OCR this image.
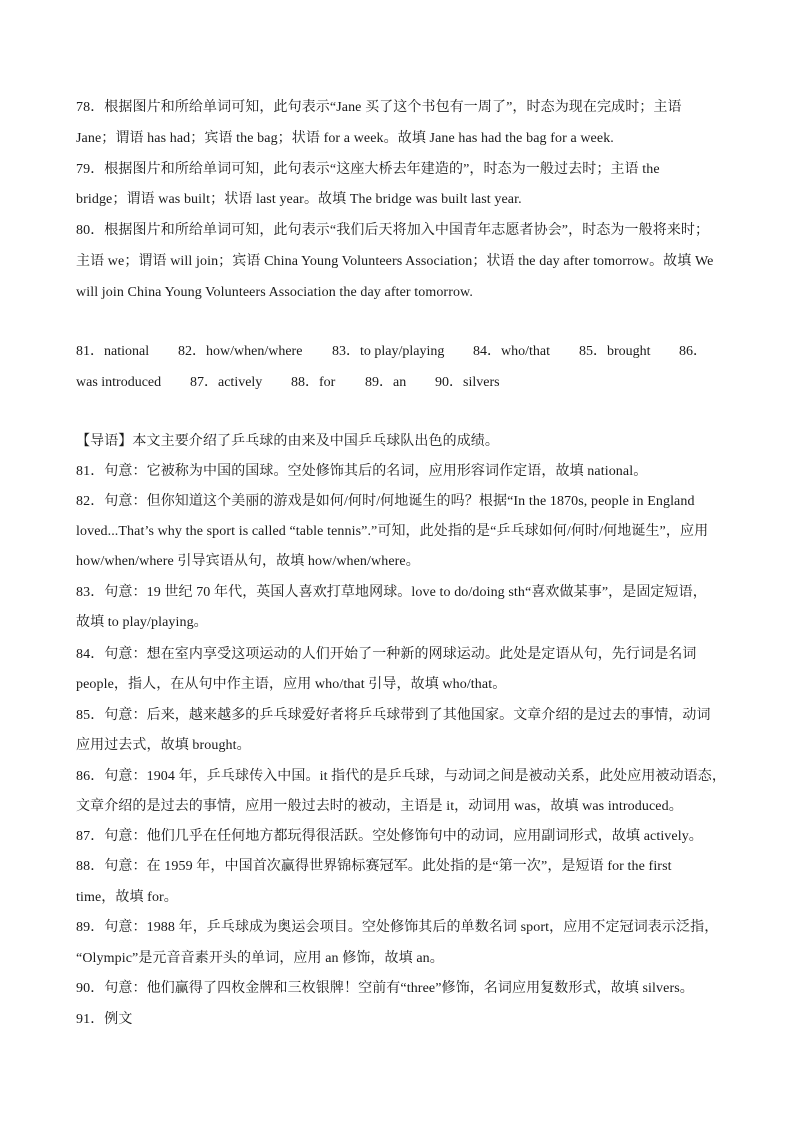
78．根据图片和所给单词可知，此句表示“Jane 买了这个书包有一周了”，时态为现在完成时；主语
Jane；谓语 has had；宾语 the bag；状语 for a week。故填 Jane has had the bag for a week.
79．根据图片和所给单词可知，此句表示“这座大桥去年建造的”，时态为一般过去时；主语 the
bridge；谓语 was built；状语 last year。故填 The bridge was built last year.
80．根据图片和所给单词可知，此句表示“我们后天将加入中国青年志愿者协会”，时态为一般将来时；
主语 we；谓语 will join；宾语 China Young Volunteers Association；状语 the day after tomorrow。故填 We
will join China Young Volunteers Association the day after tomorrow.
81．national 82．how/when/where 83．to play/playing 84．who/that 85．brought 86．
was introduced 87．actively 88．for 89．an 90．silvers
【导语】本文主要介绍了乒乓球的由来及中国乒乓球队出色的成绩。
81．句意：它被称为中国的国球。空处修饰其后的名词，应用形容词作定语，故填 national。
82．句意：但你知道这个美丽的游戏是如何/何时/何地诞生的吗？根据“In the 1870s, people in England
loved...That’s why the sport is called “table tennis”.”可知，此处指的是“乒乓球如何/何时/何地诞生”，应用
how/when/where 引导宾语从句，故填 how/when/where。
83．句意：19 世纪 70 年代，英国人喜欢打草地网球。love to do/doing sth“喜欢做某事”，是固定短语，
故填 to play/playing。
84．句意：想在室内享受这项运动的人们开始了一种新的网球运动。此处是定语从句，先行词是名词
people，指人，在从句中作主语，应用 who/that 引导，故填 who/that。
85．句意：后来，越来越多的乒乓球爱好者将乒乓球带到了其他国家。文章介绍的是过去的事情，动词
应用过去式，故填 brought。
86．句意：1904 年，乒乓球传入中国。it 指代的是乒乓球，与动词之间是被动关系，此处应用被动语态，
文章介绍的是过去的事情，应用一般过去时的被动，主语是 it，动词用 was，故填 was introduced。
87．句意：他们几乎在任何地方都玩得很活跃。空处修饰句中的动词，应用副词形式，故填 actively。
88．句意：在 1959 年，中国首次赢得世界锦标赛冠军。此处指的是“第一次”，是短语 for the first
time，故填 for。
89．句意：1988 年，乒乓球成为奥运会项目。空处修饰其后的单数名词 sport，应用不定冠词表示泛指，
“Olympic”是元音音素开头的单词，应用 an 修饰，故填 an。
90．句意：他们赢得了四枚金牌和三枚银牌！空前有“three”修饰，名词应用复数形式，故填 silvers。
91．例文
